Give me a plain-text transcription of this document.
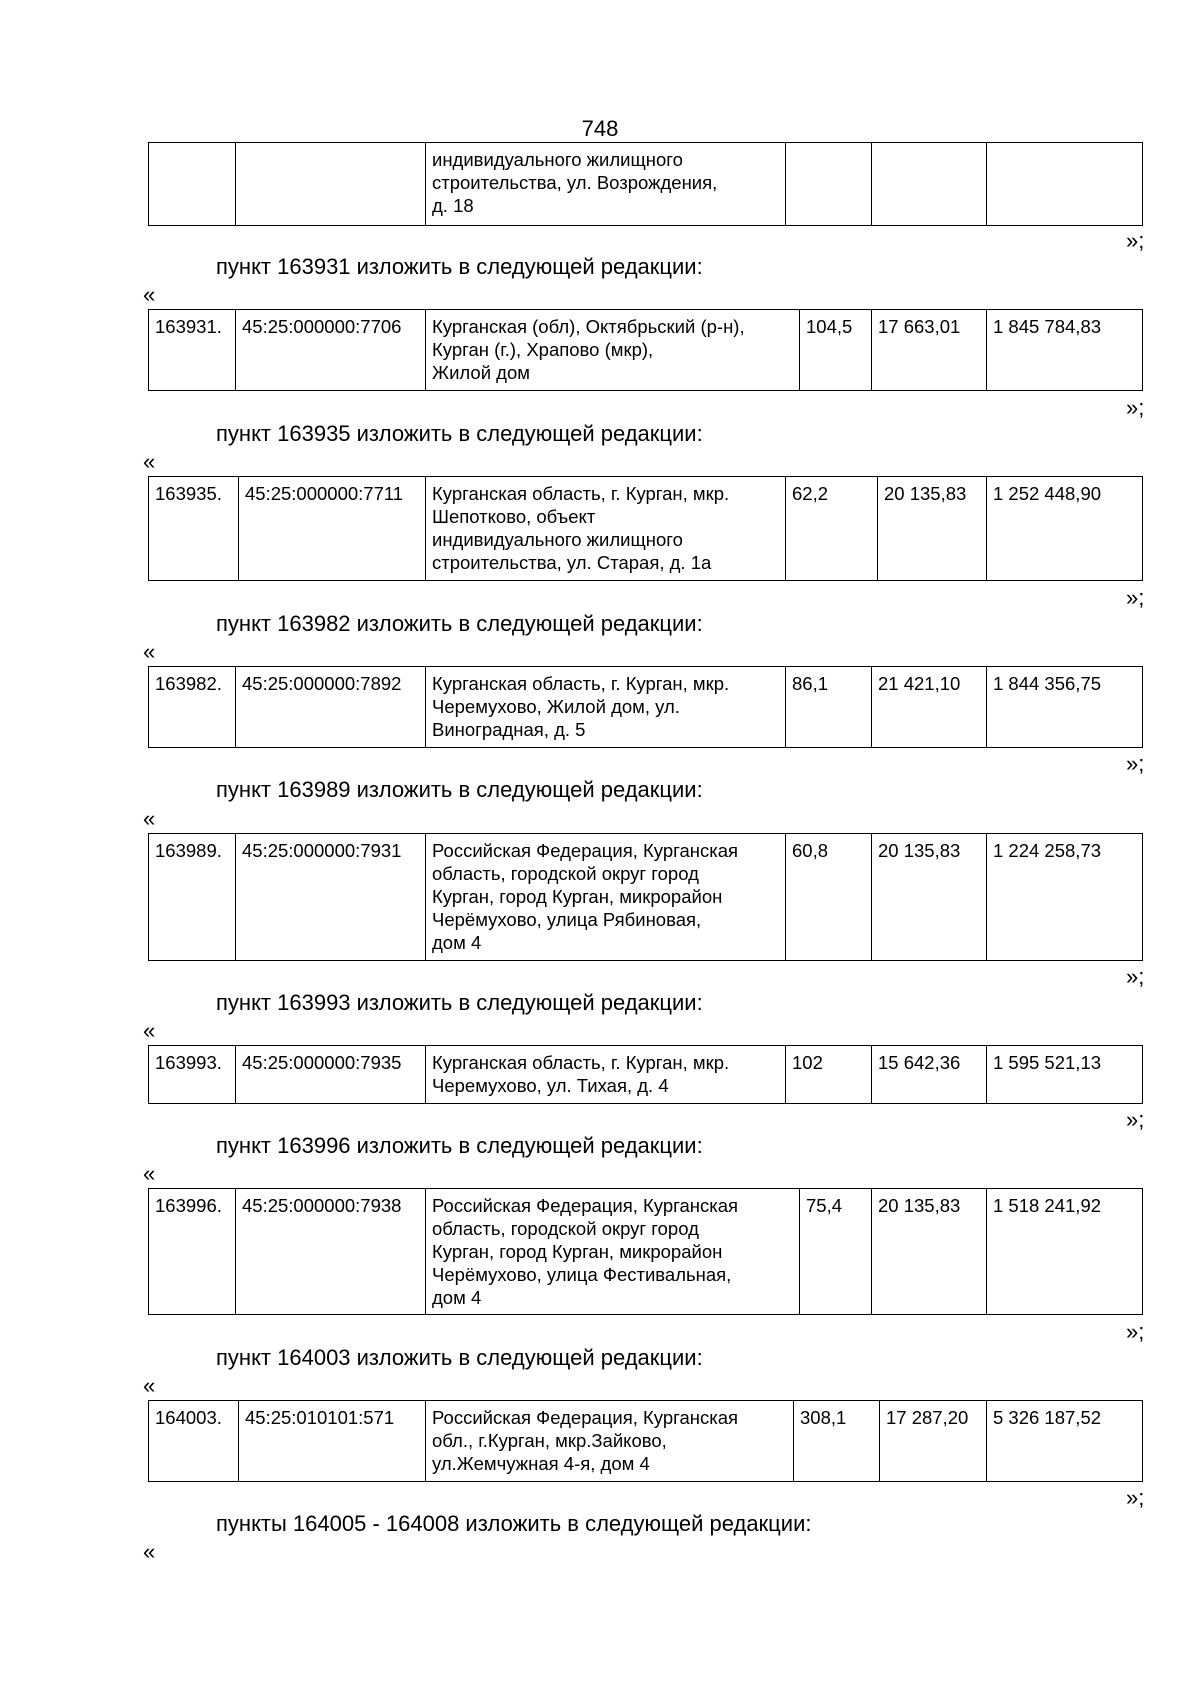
748
		индивидуального жилищного
строительства, ул. Возрождения,
д. 18			
»;
пункт 163931 изложить в следующей редакции:
«
163931.	45:25:000000:7706	Курганская (обл), Октябрьский (р-н),
Курган (г.), Храпово (мкр),
Жилой дом	104,5	17 663,01	1 845 784,83
»;
пункт 163935 изложить в следующей редакции:
«
163935.	45:25:000000:7711	Курганская область, г. Курган, мкр.
Шепотково, объект
индивидуального жилищного
строительства, ул. Старая, д. 1а	62,2	20 135,83	1 252 448,90
»;
пункт 163982 изложить в следующей редакции:
«
163982.	45:25:000000:7892	Курганская область, г. Курган, мкр.
Черемухово, Жилой дом, ул.
Виноградная, д. 5	86,1	21 421,10	1 844 356,75
»;
пункт 163989 изложить в следующей редакции:
«
163989.	45:25:000000:7931	Российская Федерация, Курганская
область, городской округ город
Курган, город Курган, микрорайон
Черёмухово, улица Рябиновая,
дом 4	60,8	20 135,83	1 224 258,73
»;
пункт 163993 изложить в следующей редакции:
«
163993.	45:25:000000:7935	Курганская область, г. Курган, мкр.
Черемухово, ул. Тихая, д. 4	102	15 642,36	1 595 521,13
»;
пункт 163996 изложить в следующей редакции:
«
163996.	45:25:000000:7938	Российская Федерация, Курганская
область, городской округ город
Курган, город Курган, микрорайон
Черёмухово, улица Фестивальная,
дом 4	75,4	20 135,83	1 518 241,92
»;
пункт 164003 изложить в следующей редакции:
«
164003.	45:25:010101:571	Российская Федерация, Курганская
обл., г.Курган, мкр.Зайково,
ул.Жемчужная 4-я, дом 4	308,1	17 287,20	5 326 187,52
»;
пункты 164005 - 164008 изложить в следующей редакции:
«
